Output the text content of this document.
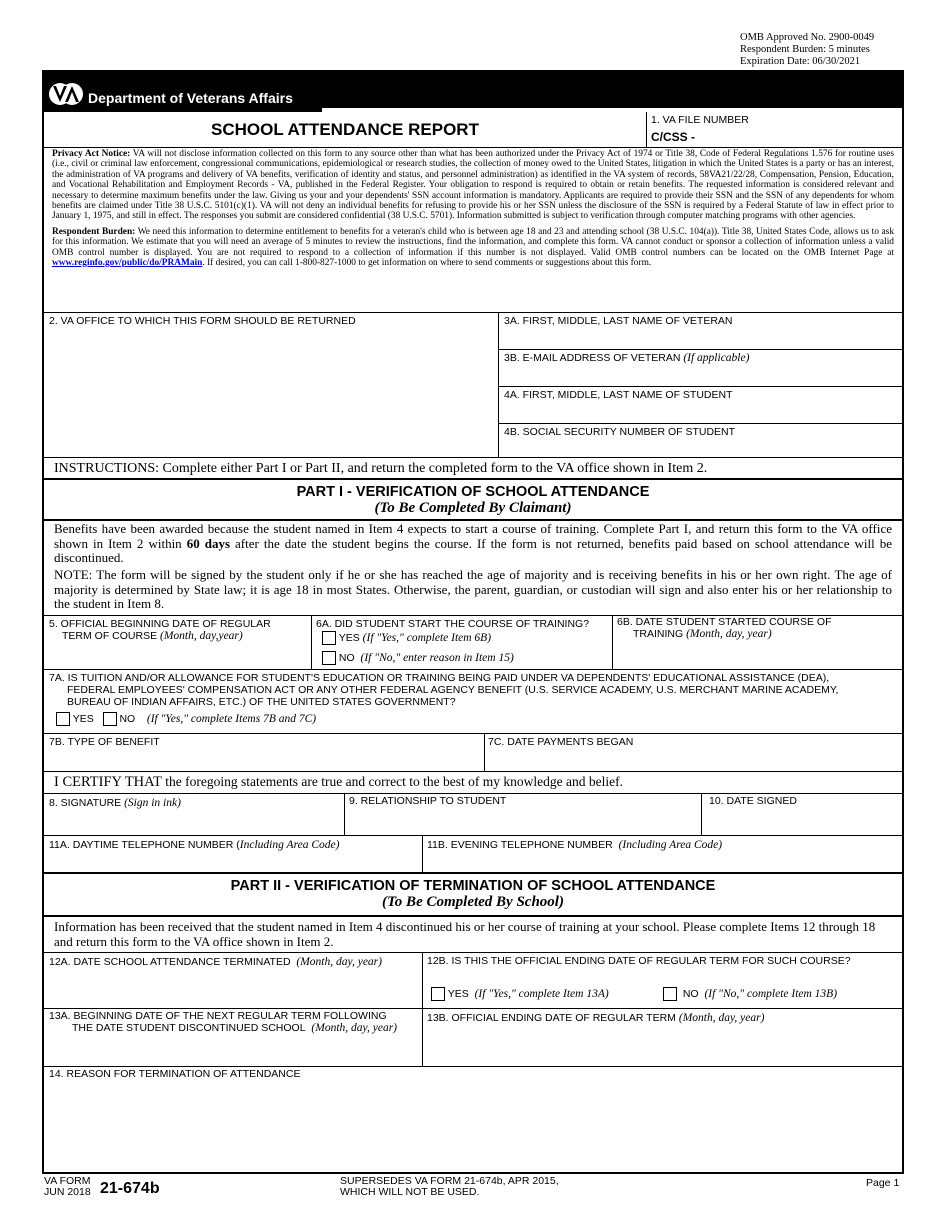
OMB Approved No. 2900-0049
Respondent Burden: 5 minutes
Expiration Date: 06/30/2021
Department of Veterans Affairs
SCHOOL ATTENDANCE REPORT	1. VA FILE NUMBER
C/CSS -
Privacy Act Notice: VA will not disclose information collected on this form to any source other than what has been authorized under the Privacy Act of 1974 or Title 38, Code of Federal Regulations 1.576 for routine uses (i.e., civil or criminal law enforcement, congressional communications, epidemiological or research studies, the collection of money owed to the United States, litigation in which the United States is a party or has an interest, the administration of VA programs and delivery of VA benefits, verification of identity and status, and personnel administration) as identified in the VA system of records, 58VA21/22/28, Compensation, Pension, Education, and Vocational Rehabilitation and Employment Records - VA, published in the Federal Register. Your obligation to respond is required to obtain or retain benefits. The requested information is considered relevant and necessary to determine maximum benefits under the law. Giving us your and your dependents' SSN account information is mandatory. Applicants are required to provide their SSN and the SSN of any dependents for whom benefits are claimed under Title 38 U.S.C. 5101(c)(1). VA will not deny an individual benefits for refusing to provide his or her SSN unless the disclosure of the SSN is required by a Federal Statute of law in effect prior to January 1, 1975, and still in effect. The responses you submit are considered confidential (38 U.S.C. 5701). Information submitted is subject to verification through computer matching programs with other agencies.
Respondent Burden: We need this information to determine entitlement to benefits for a veteran's child who is between age 18 and 23 and attending school (38 U.S.C. 104(a)). Title 38, United States Code, allows us to ask for this information. We estimate that you will need an average of 5 minutes to review the instructions, find the information, and complete this form. VA cannot conduct or sponsor a collection of information unless a valid OMB control number is displayed. You are not required to respond to a collection of information if this number is not displayed. Valid OMB control numbers can be located on the OMB Internet Page at www.reginfo.gov/public/do/PRAMain. If desired, you can call 1-800-827-1000 to get information on where to send comments or suggestions about this form.
2. VA OFFICE TO WHICH THIS FORM SHOULD BE RETURNED	3A. FIRST, MIDDLE, LAST NAME OF VETERAN
3B. E-MAIL ADDRESS OF VETERAN (If applicable)
4A. FIRST, MIDDLE, LAST NAME OF STUDENT
4B. SOCIAL SECURITY NUMBER OF STUDENT
INSTRUCTIONS: Complete either Part I or Part II, and return the completed form to the VA office shown in Item 2.
PART I - VERIFICATION OF SCHOOL ATTENDANCE
(To Be Completed By Claimant)
Benefits have been awarded because the student named in Item 4 expects to start a course of training. Complete Part I, and return this form to the VA office shown in Item 2 within 60 days after the date the student begins the course. If the form is not returned, benefits paid based on school attendance will be discontinued.
NOTE: The form will be signed by the student only if he or she has reached the age of majority and is receiving benefits in his or her own right. The age of majority is determined by State law; it is age 18 in most States. Otherwise, the parent, guardian, or custodian will sign and also enter his or her relationship to the student in Item 8.
5. OFFICIAL BEGINNING DATE OF REGULAR
TERM OF COURSE (Month, day,year)
6A. DID STUDENT START THE COURSE OF TRAINING?
YES (If "Yes," complete Item 6B)
NO (If "No," enter reason in Item 15)
6B. DATE STUDENT STARTED COURSE OF
TRAINING (Month, day, year)
7A. IS TUITION AND/OR ALLOWANCE FOR STUDENT'S EDUCATION OR TRAINING BEING PAID UNDER VA DEPENDENTS' EDUCATIONAL ASSISTANCE (DEA),
FEDERAL EMPLOYEES' COMPENSATION ACT OR ANY OTHER FEDERAL AGENCY BENEFIT (U.S. SERVICE ACADEMY, U.S. MERCHANT MARINE ACADEMY,
BUREAU OF INDIAN AFFAIRS, ETC.) OF THE UNITED STATES GOVERNMENT?
YES NO (If "Yes," complete Items 7B and 7C)
7B. TYPE OF BENEFIT	7C. DATE PAYMENTS BEGAN
I CERTIFY THAT the foregoing statements are true and correct to the best of my knowledge and belief.
8. SIGNATURE (Sign in ink)	9. RELATIONSHIP TO STUDENT	10. DATE SIGNED
11A. DAYTIME TELEPHONE NUMBER (Including Area Code)	11B. EVENING TELEPHONE NUMBER (Including Area Code)
PART II - VERIFICATION OF TERMINATION OF SCHOOL ATTENDANCE
(To Be Completed By School)
Information has been received that the student named in Item 4 discontinued his or her course of training at your school. Please complete Items 12 through 18 and return this form to the VA office shown in Item 2.
12A. DATE SCHOOL ATTENDANCE TERMINATED (Month, day, year)	12B. IS THIS THE OFFICIAL ENDING DATE OF REGULAR TERM FOR SUCH COURSE?
YES (If "Yes," complete Item 13A)	NO (If "No," complete Item 13B)
13A. BEGINNING DATE OF THE NEXT REGULAR TERM FOLLOWING
THE DATE STUDENT DISCONTINUED SCHOOL (Month, day, year)
13B. OFFICIAL ENDING DATE OF REGULAR TERM (Month, day, year)
14. REASON FOR TERMINATION OF ATTENDANCE
VA FORM
JUN 2018 21-674b	SUPERSEDES VA FORM 21-674b, APR 2015,
WHICH WILL NOT BE USED.
Page 1
